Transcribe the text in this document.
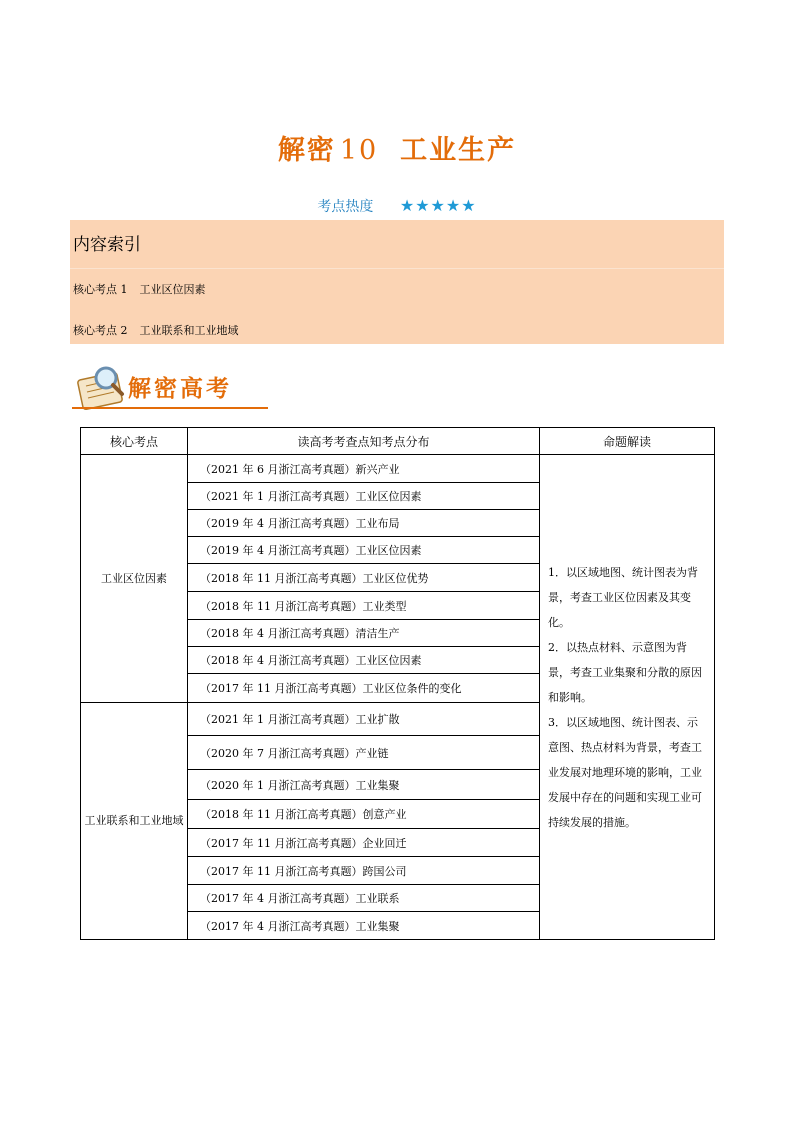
解密 10 工业生产
考点热度 ★★★★★
内容索引
核心考点 1 工业区位因素
核心考点 2 工业联系和工业地域
解密高考
核心考点	读高考考查点知考点分布	命题解读
工业区位因素	（2021 年 6 月浙江高考真题）新兴产业	1．以区域地图、统计图表为背景，考查工业区位因素及其变化。

2．以热点材料、示意图为背景，考查工业集聚和分散的原因和影响。

3．以区域地图、统计图表、示意图、热点材料为背景，考查工业发展对地理环境的影响，工业发展中存在的问题和实现工业可持续发展的措施。

	（2021 年 1 月浙江高考真题）工业区位因素	
	（2019 年 4 月浙江高考真题）工业布局	
	（2019 年 4 月浙江高考真题）工业区位因素	
	（2018 年 11 月浙江高考真题）工业区位优势	
	（2018 年 11 月浙江高考真题）工业类型	
	（2018 年 4 月浙江高考真题）清洁生产	
	（2018 年 4 月浙江高考真题）工业区位因素	
	（2017 年 11 月浙江高考真题）工业区位条件的变化	
工业联系和工业地域	（2021 年 1 月浙江高考真题）工业扩散	
	（2020 年 7 月浙江高考真题）产业链	
	（2020 年 1 月浙江高考真题）工业集聚	
	（2018 年 11 月浙江高考真题）创意产业	
	（2017 年 11 月浙江高考真题）企业回迁	
	（2017 年 11 月浙江高考真题）跨国公司	
	（2017 年 4 月浙江高考真题）工业联系	
	（2017 年 4 月浙江高考真题）工业集聚	
